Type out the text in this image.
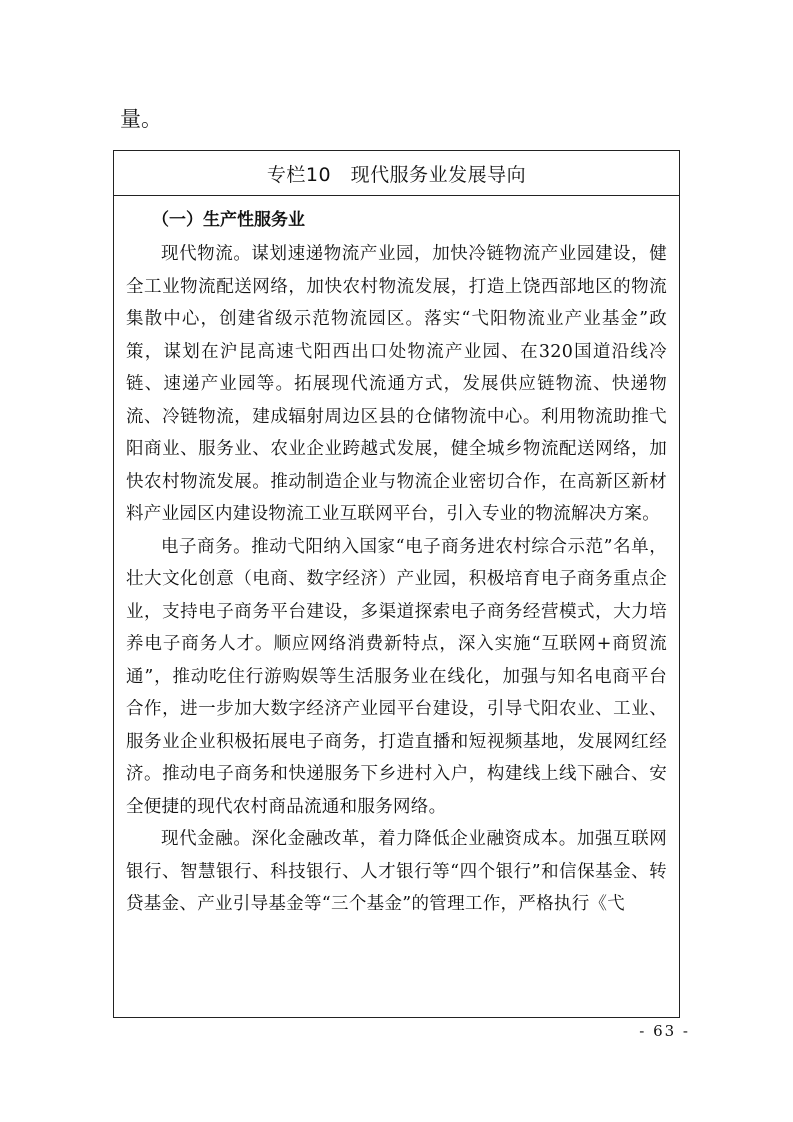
量。

专栏10　现代服务业发展导向

（一）生产性服务业

现代物流。谋划速递物流产业园，加快冷链物流产业园建设，健全工业物流配送网络，加快农村物流发展，打造上饶西部地区的物流集散中心，创建省级示范物流园区。落实“弋阳物流业产业基金”政策，谋划在沪昆高速弋阳西出口处物流产业园、在320国道沿线冷链、速递产业园等。拓展现代流通方式，发展供应链物流、快递物流、冷链物流，建成辐射周边区县的仓储物流中心。利用物流助推弋阳商业、服务业、农业企业跨越式发展，健全城乡物流配送网络，加快农村物流发展。推动制造企业与物流企业密切合作，在高新区新材料产业园区内建设物流工业互联网平台，引入专业的物流解决方案。

电子商务。推动弋阳纳入国家“电子商务进农村综合示范”名单，壮大文化创意（电商、数字经济）产业园，积极培育电子商务重点企业，支持电子商务平台建设，多渠道探索电子商务经营模式，大力培养电子商务人才。顺应网络消费新特点，深入实施“互联网+商贸流通”，推动吃住行游购娱等生活服务业在线化，加强与知名电商平台合作，进一步加大数字经济产业园平台建设，引导弋阳农业、工业、服务业企业积极拓展电子商务，打造直播和短视频基地，发展网红经济。推动电子商务和快递服务下乡进村入户，构建线上线下融合、安全便捷的现代农村商品流通和服务网络。

现代金融。深化金融改革，着力降低企业融资成本。加强互联网银行、智慧银行、科技银行、人才银行等“四个银行”和信保基金、转贷基金、产业引导基金等“三个基金”的管理工作，严格执行《弋

- 63 -
